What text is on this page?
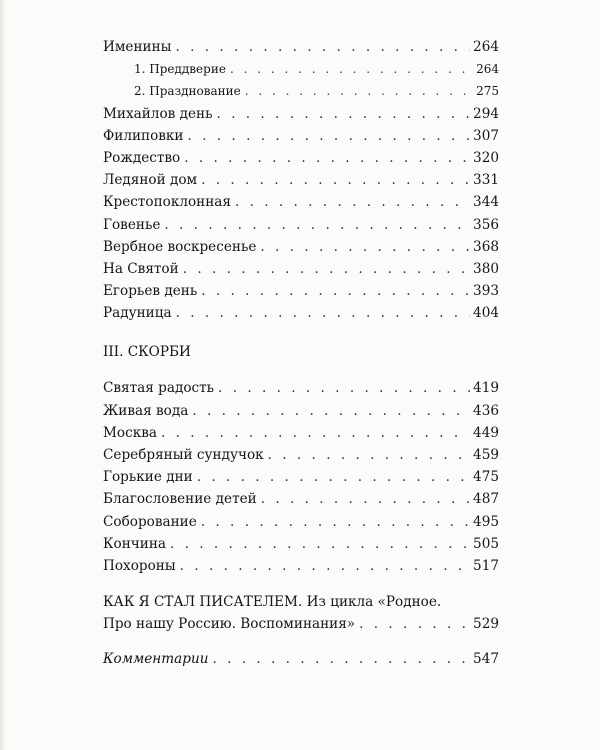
Именины . . .	264
1. Преддверие . . .	264
2. Празднование . . .	275
Михайлов день . . .	294
Филиповки . . .	307
Рождество . . .	320
Ледяной дом . . .	331
Крестопоклонная . . .	344
Говенье . . .	356
Вербное воскресенье . . .	368
На Святой . . .	380
Егорьев день . . .	393
Радуница . . .	404
III. СКОРБИ
Святая радость . . .	419
Живая вода . . .	436
Москва . . .	449
Серебряный сундучок . . .	459
Горькие дни . . .	475
Благословение детей . . .	487
Соборование . . .	495
Кончина . . .	505
Похороны . . .	517
КАК Я СТАЛ ПИСАТЕЛЕМ. Из цикла «Родное.
Про нашу Россию. Воспоминания» . . .	529
Комментарии . . .	547
